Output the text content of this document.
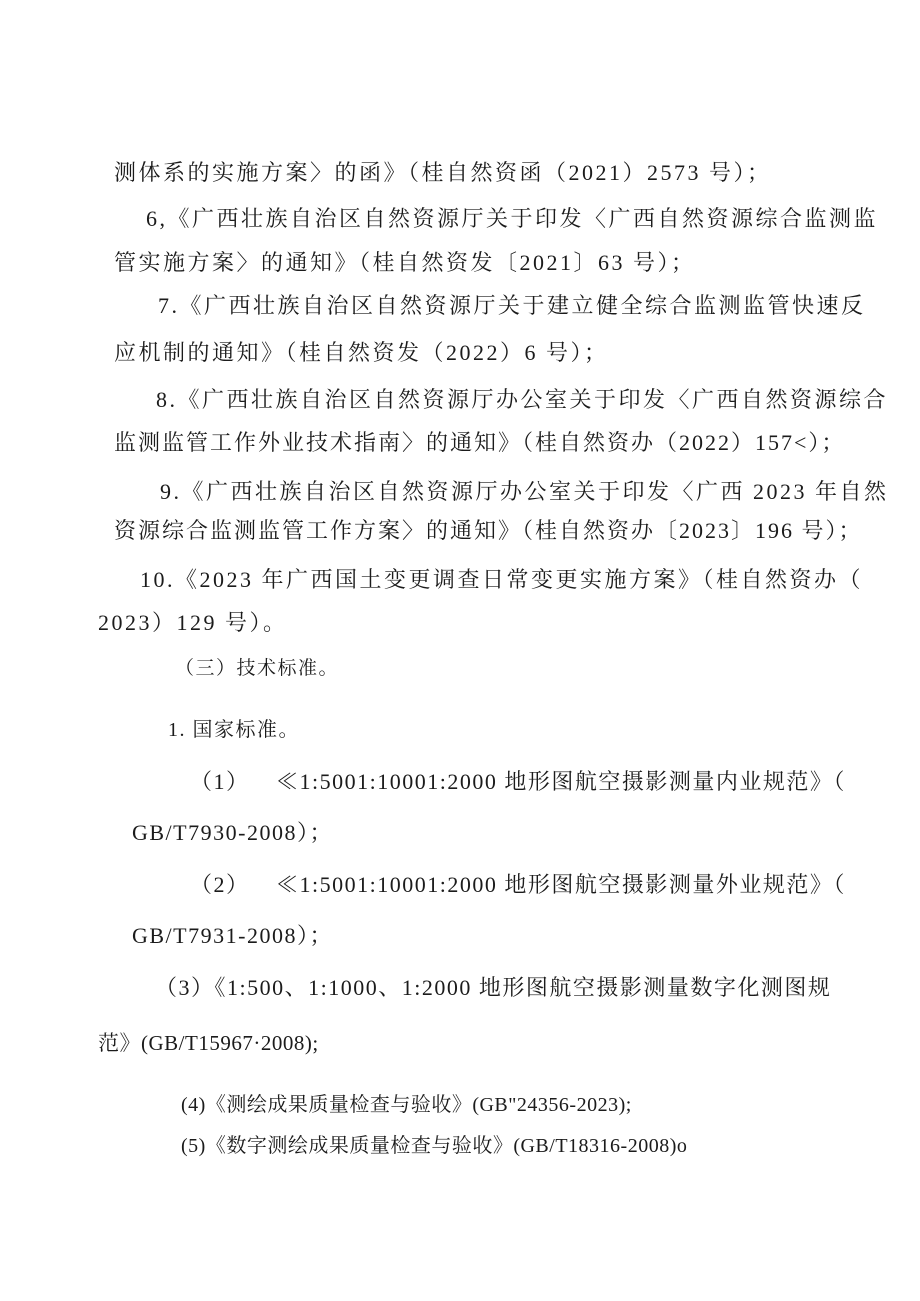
测体系的实施方案〉的函》（桂自然资函（2021）2573 号）；
6,《广西壮族自治区自然资源厅关于印发〈广西自然资源综合监测监
管实施方案〉的通知》（桂自然资发〔2021〕63 号）；
7.《广西壮族自治区自然资源厅关于建立健全综合监测监管快速反
应机制的通知》（桂自然资发（2022）6 号）；
8.《广西壮族自治区自然资源厅办公室关于印发〈广西自然资源综合
监测监管工作外业技术指南〉的通知》（桂自然资办（2022）157<）；
9.《广西壮族自治区自然资源厅办公室关于印发〈广西 2023 年自然
资源综合监测监管工作方案〉的通知》（桂自然资办〔2023〕196 号）；
10.《2023 年广西国土变更调查日常变更实施方案》（桂自然资办（
2023）129 号）。
（三）技术标准。
1. 国家标准。
（1）　  ≪1:5001:10001:2000 地形图航空摄影测量内业规范》（
GB/T7930-2008）；
（2）　  ≪1:5001:10001:2000 地形图航空摄影测量外业规范》（
GB/T7931-2008）；
（3）《1:500、1:1000、1:2000 地形图航空摄影测量数字化测图规
范》(GB/T15967·2008);
(4)《测绘成果质量检查与验收》(GB"24356-2023);
(5)《数字测绘成果质量检查与验收》(GB/T18316-2008)o
